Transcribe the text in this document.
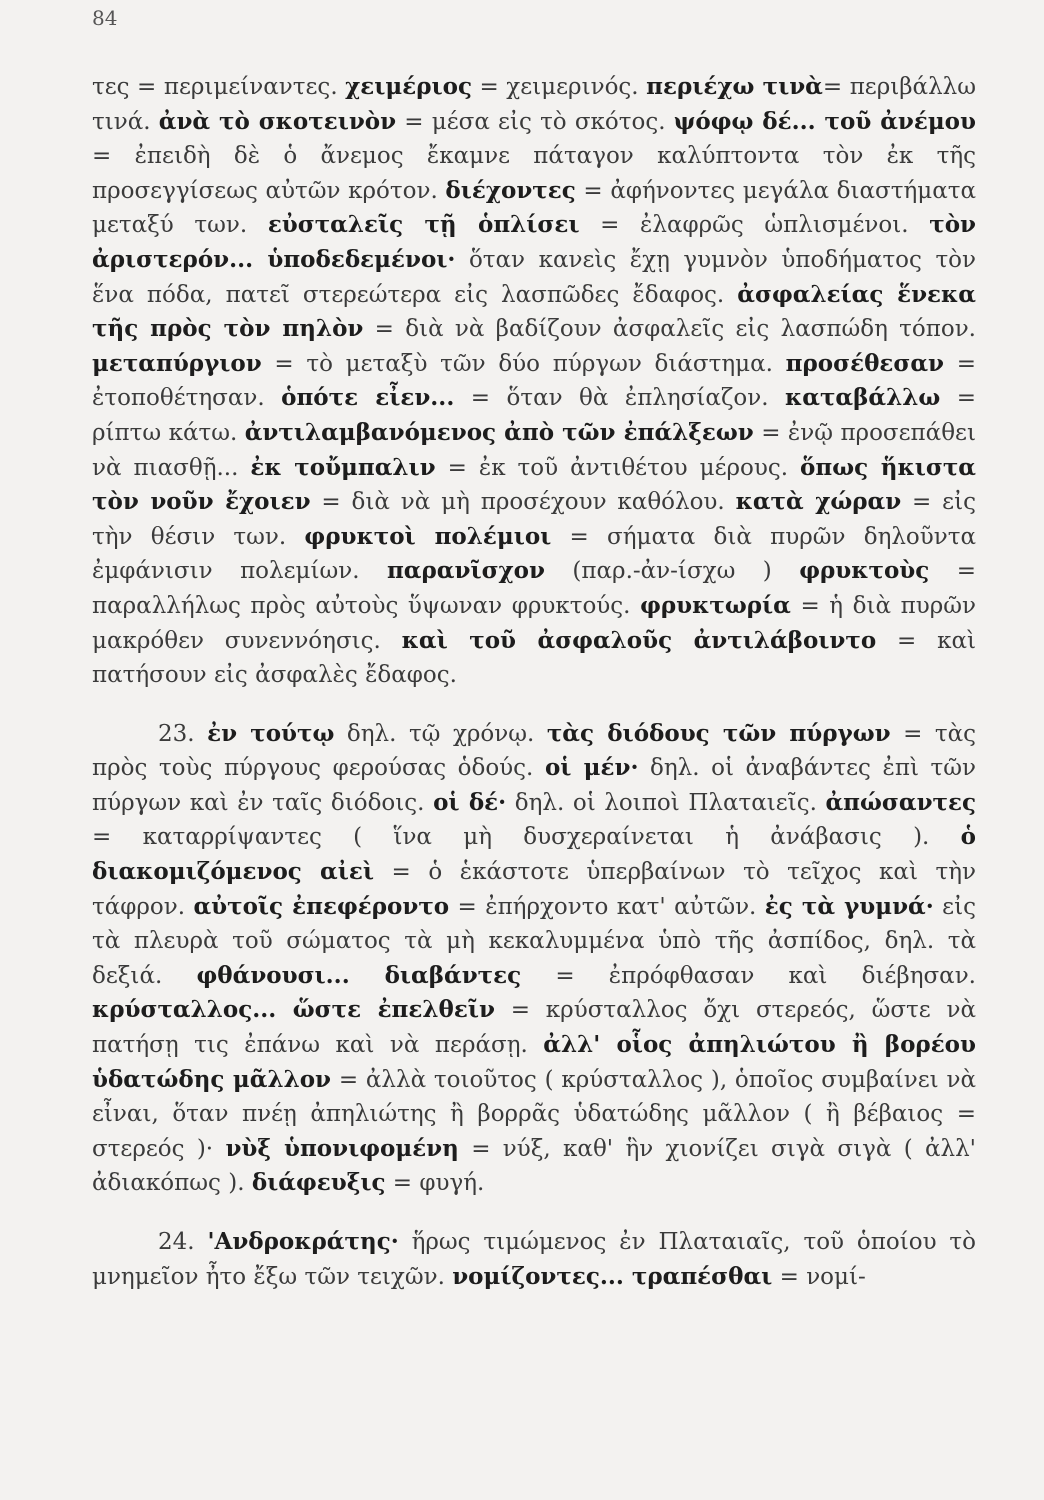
84

τες = περιμείναντες. χειμέριος = χειμερινός. περιέχω τινὰ= περιβάλλω τινά. ἀνὰ τὸ σκοτεινὸν = μέσα εἰς τὸ σκότος. ψόφῳ δέ... τοῦ ἀνέμου = ἐπειδὴ δὲ ὁ ἄνεμος ἔκαμνε πάταγον καλύπτοντα τὸν ἐκ τῆς προσεγγίσεως αὐτῶν κρότον. διέχοντες = ἀφήνοντες μεγάλα διαστήματα μεταξύ των. εὐσταλεῖς τῇ ὁπλίσει = ἐλαφρῶς ὡπλισμένοι. τὸν ἀριστερόν... ὑποδεδεμένοι· ὅταν κανεὶς ἔχῃ γυμνὸν ὑποδήματος τὸν ἕνα πόδα, πατεῖ στερεώτερα εἰς λασπῶδες ἔδαφος. ἀσφαλείας ἕνεκα τῆς πρὸς τὸν πηλὸν = διὰ νὰ βαδίζουν ἀσφαλεῖς εἰς λασπώδη τόπον. μεταπύργιον = τὸ μεταξὺ τῶν δύο πύργων διάστημα. προσέθεσαν = ἐτοποθέτησαν. ὁπότε εἶεν... = ὅταν θὰ ἐπλησίαζον. καταβάλλω = ρίπτω κάτω. ἀντιλαμβανόμενος ἀπὸ τῶν ἐπάλξεων = ἐνῷ προσεπάθει νὰ πιασθῇ... ἐκ τοὔμπαλιν = ἐκ τοῦ ἀντιθέτου μέρους. ὅπως ἥκιστα τὸν νοῦν ἔχοιεν = διὰ νὰ μὴ προσέχουν καθόλου. κατὰ χώραν = εἰς τὴν θέσιν των. φρυκτοὶ πολέμιοι = σήματα διὰ πυρῶν δηλοῦντα ἐμφάνισιν πολεμίων. παρανῖσχον (παρ.-ἀν-ίσχω ) φρυκτοὺς = παραλλήλως πρὸς αὐτοὺς ὕψωναν φρυκτούς. φρυκτωρία = ἡ διὰ πυρῶν μακρόθεν συνεννόησις. καὶ τοῦ ἀσφαλοῦς ἀντιλάβοιντο = καὶ πατήσουν εἰς ἀσφαλὲς ἔδαφος.

23. ἐν τούτῳ δηλ. τῷ χρόνῳ. τὰς διόδους τῶν πύργων = τὰς πρὸς τοὺς πύργους φερούσας ὁδούς. οἱ μέν· δηλ. οἱ ἀναβάντες ἐπὶ τῶν πύργων καὶ ἐν ταῖς διόδοις. οἱ δέ· δηλ. οἱ λοιποὶ Πλαταιεῖς. ἀπώσαντες = καταρρίψαντες ( ἵνα μὴ δυσχεραίνεται ἡ ἀνάβασις ). ὁ διακομιζόμενος αἰεὶ = ὁ ἑκάστοτε ὑπερβαίνων τὸ τεῖχος καὶ τὴν τάφρον. αὐτοῖς ἐπεφέροντο = ἐπήρχοντο κατ' αὐτῶν. ἐς τὰ γυμνά· εἰς τὰ πλευρὰ τοῦ σώματος τὰ μὴ κεκαλυμμένα ὑπὸ τῆς ἀσπίδος, δηλ. τὰ δεξιά. φθάνουσι... διαβάντες = ἐπρόφθασαν καὶ διέβησαν. κρύσταλλος... ὥστε ἐπελθεῖν = κρύσταλλος ὄχι στερεός, ὥστε νὰ πατήσῃ τις ἐπάνω καὶ νὰ περάσῃ. ἀλλ' οἷος ἀπηλιώτου ἢ βορέου ὑδατώδης μᾶλλον = ἀλλὰ τοιοῦτος ( κρύσταλλος ), ὁποῖος συμβαίνει νὰ εἶναι, ὅταν πνέῃ ἀπηλιώτης ἢ βορρᾶς ὑδατώδης μᾶλλον ( ἢ βέβαιος = στερεός )· νὺξ ὑπονιφομένη = νύξ, καθ' ἣν χιονίζει σιγὰ σιγὰ ( ἀλλ' ἀδιακόπως ). διάφευξις = φυγή.

24. 'Ανδροκράτης· ἥρως τιμώμενος ἐν Πλαταιαῖς, τοῦ ὁποίου τὸ μνημεῖον ἦτο ἔξω τῶν τειχῶν. νομίζοντες... τραπέσθαι = νομί-
